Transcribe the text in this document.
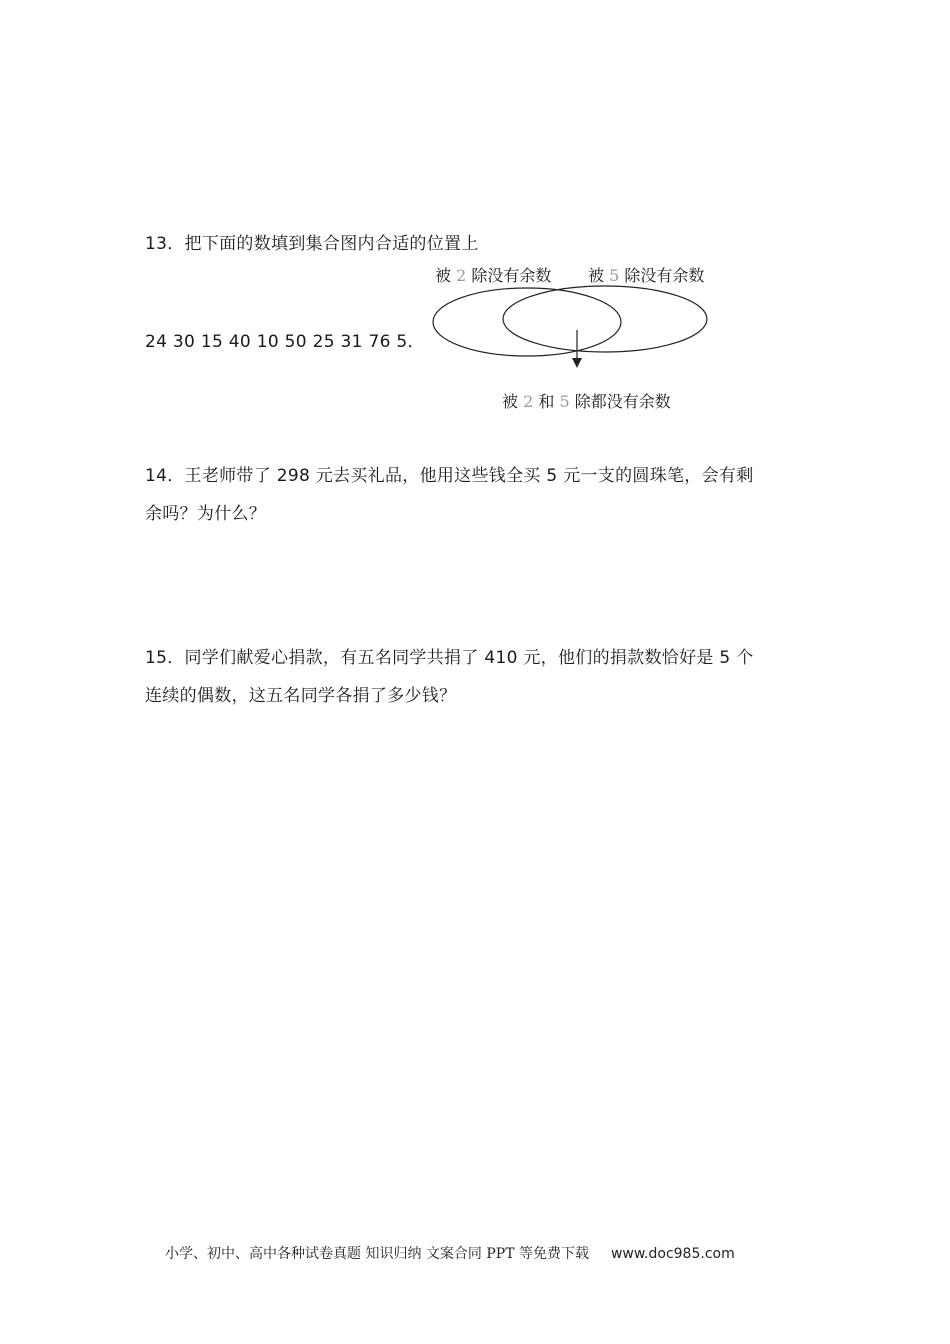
13．把下面的数填到集合图内合适的位置上
24 30 15 40 10 50 25 31 76 5．
被 2 除没有余数 被 5 除没有余数
被 2 和 5 除都没有余数
14．王老师带了 298 元去买礼品，他用这些钱全买 5 元一支的圆珠笔，会有剩
余吗？为什么？
15．同学们献爱心捐款，有五名同学共捐了 410 元，他们的捐款数恰好是 5 个
连续的偶数，这五名同学各捐了多少钱？
小学、初中、高中各种试卷真题 知识归纳 文案合同 PPT 等免费下载 www.doc985.com
